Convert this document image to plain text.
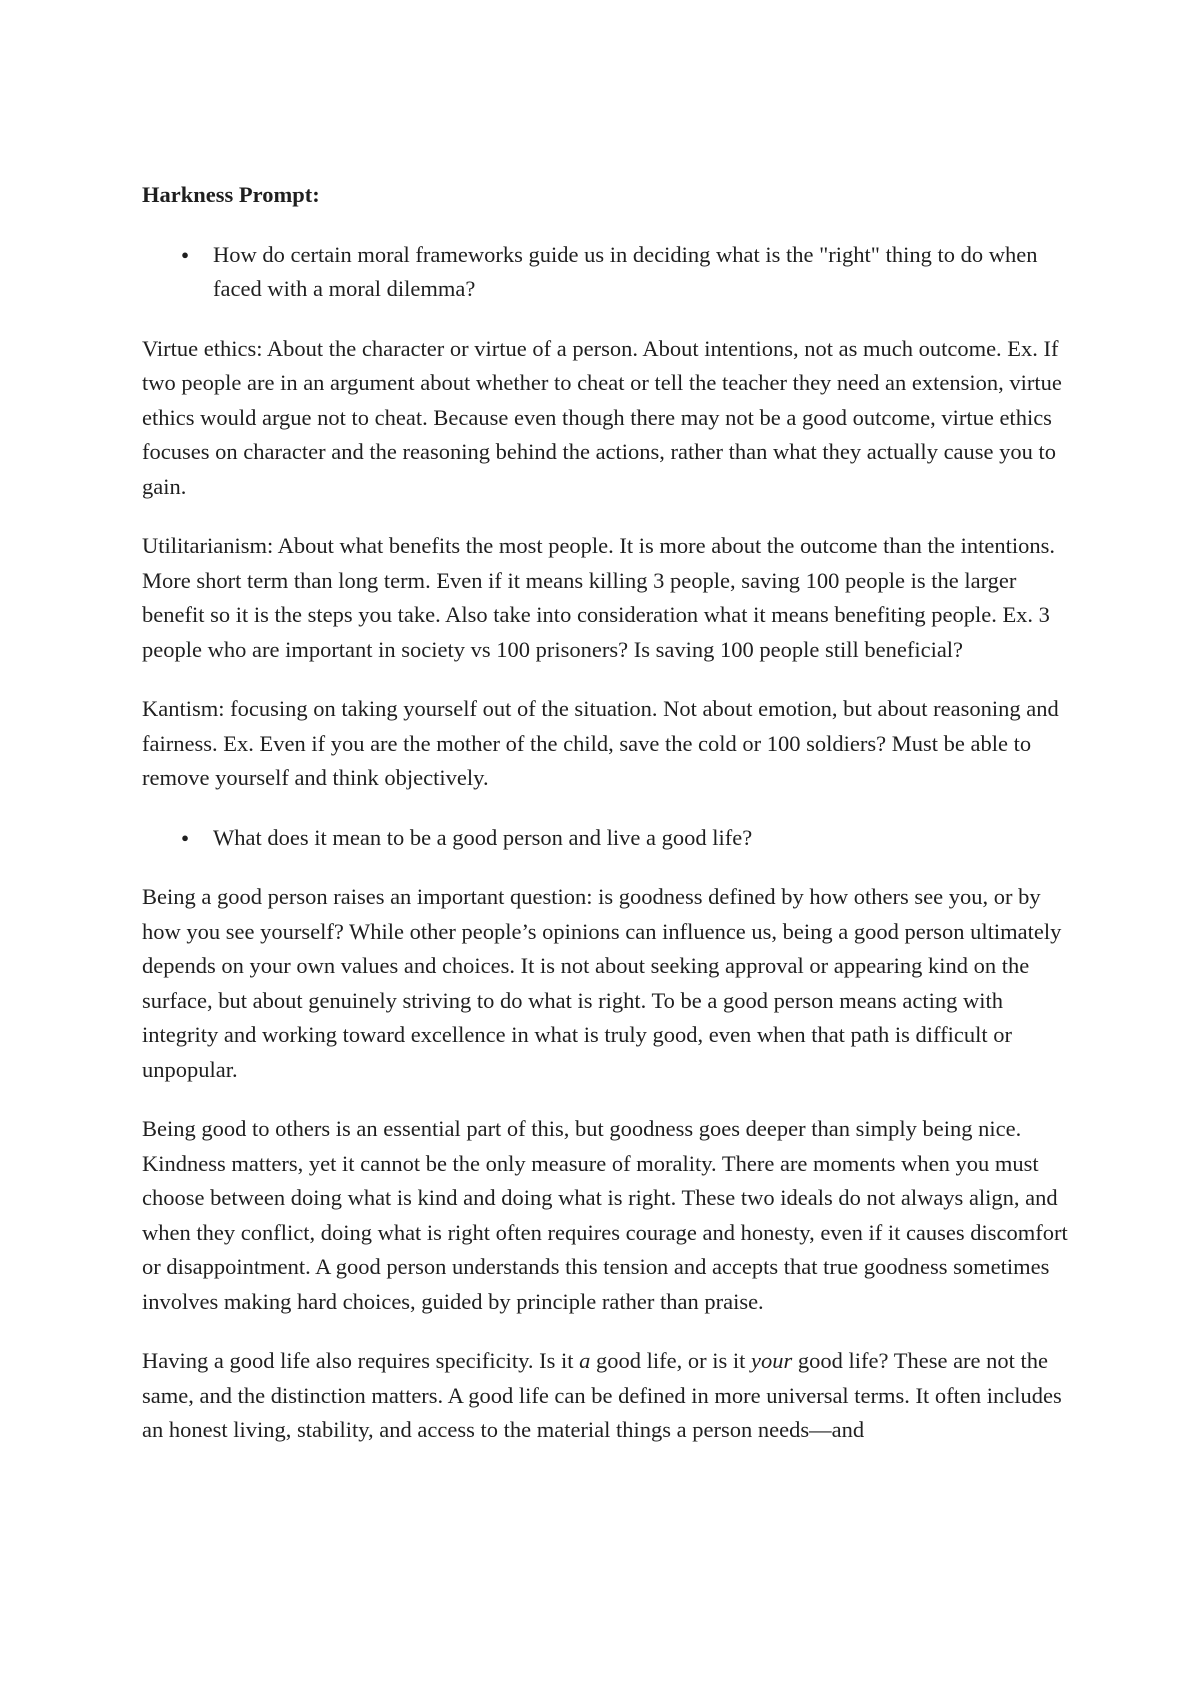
Harkness Prompt:
●	How do certain moral frameworks guide us in deciding what is the "right" thing to do when faced with a moral dilemma?

Virtue ethics: About the character or virtue of a person. About intentions, not as much outcome. Ex. If two people are in an argument about whether to cheat or tell the teacher they need an extension, virtue ethics would argue not to cheat. Because even though there may not be a good outcome, virtue ethics focuses on character and the reasoning behind the actions, rather than what they actually cause you to gain.

Utilitarianism: About what benefits the most people. It is more about the outcome than the intentions. More short term than long term. Even if it means killing 3 people, saving 100 people is the larger benefit so it is the steps you take. Also take into consideration what it means benefiting people. Ex. 3 people who are important in society vs 100 prisoners? Is saving 100 people still beneficial?

Kantism: focusing on taking yourself out of the situation. Not about emotion, but about reasoning and fairness. Ex. Even if you are the mother of the child, save the cold or 100 soldiers? Must be able to remove yourself and think objectively.

●	What does it mean to be a good person and live a good life?

Being a good person raises an important question: is goodness defined by how others see you, or by how you see yourself? While other people’s opinions can influence us, being a good person ultimately depends on your own values and choices. It is not about seeking approval or appearing kind on the surface, but about genuinely striving to do what is right. To be a good person means acting with integrity and working toward excellence in what is truly good, even when that path is difficult or unpopular.

Being good to others is an essential part of this, but goodness goes deeper than simply being nice. Kindness matters, yet it cannot be the only measure of morality. There are moments when you must choose between doing what is kind and doing what is right. These two ideals do not always align, and when they conflict, doing what is right often requires courage and honesty, even if it causes discomfort or disappointment. A good person understands this tension and accepts that true goodness sometimes involves making hard choices, guided by principle rather than praise.

Having a good life also requires specificity. Is it a good life, or is it your good life? These are not the same, and the distinction matters. A good life can be defined in more universal terms. It often includes an honest living, stability, and access to the material things a person needs—and
